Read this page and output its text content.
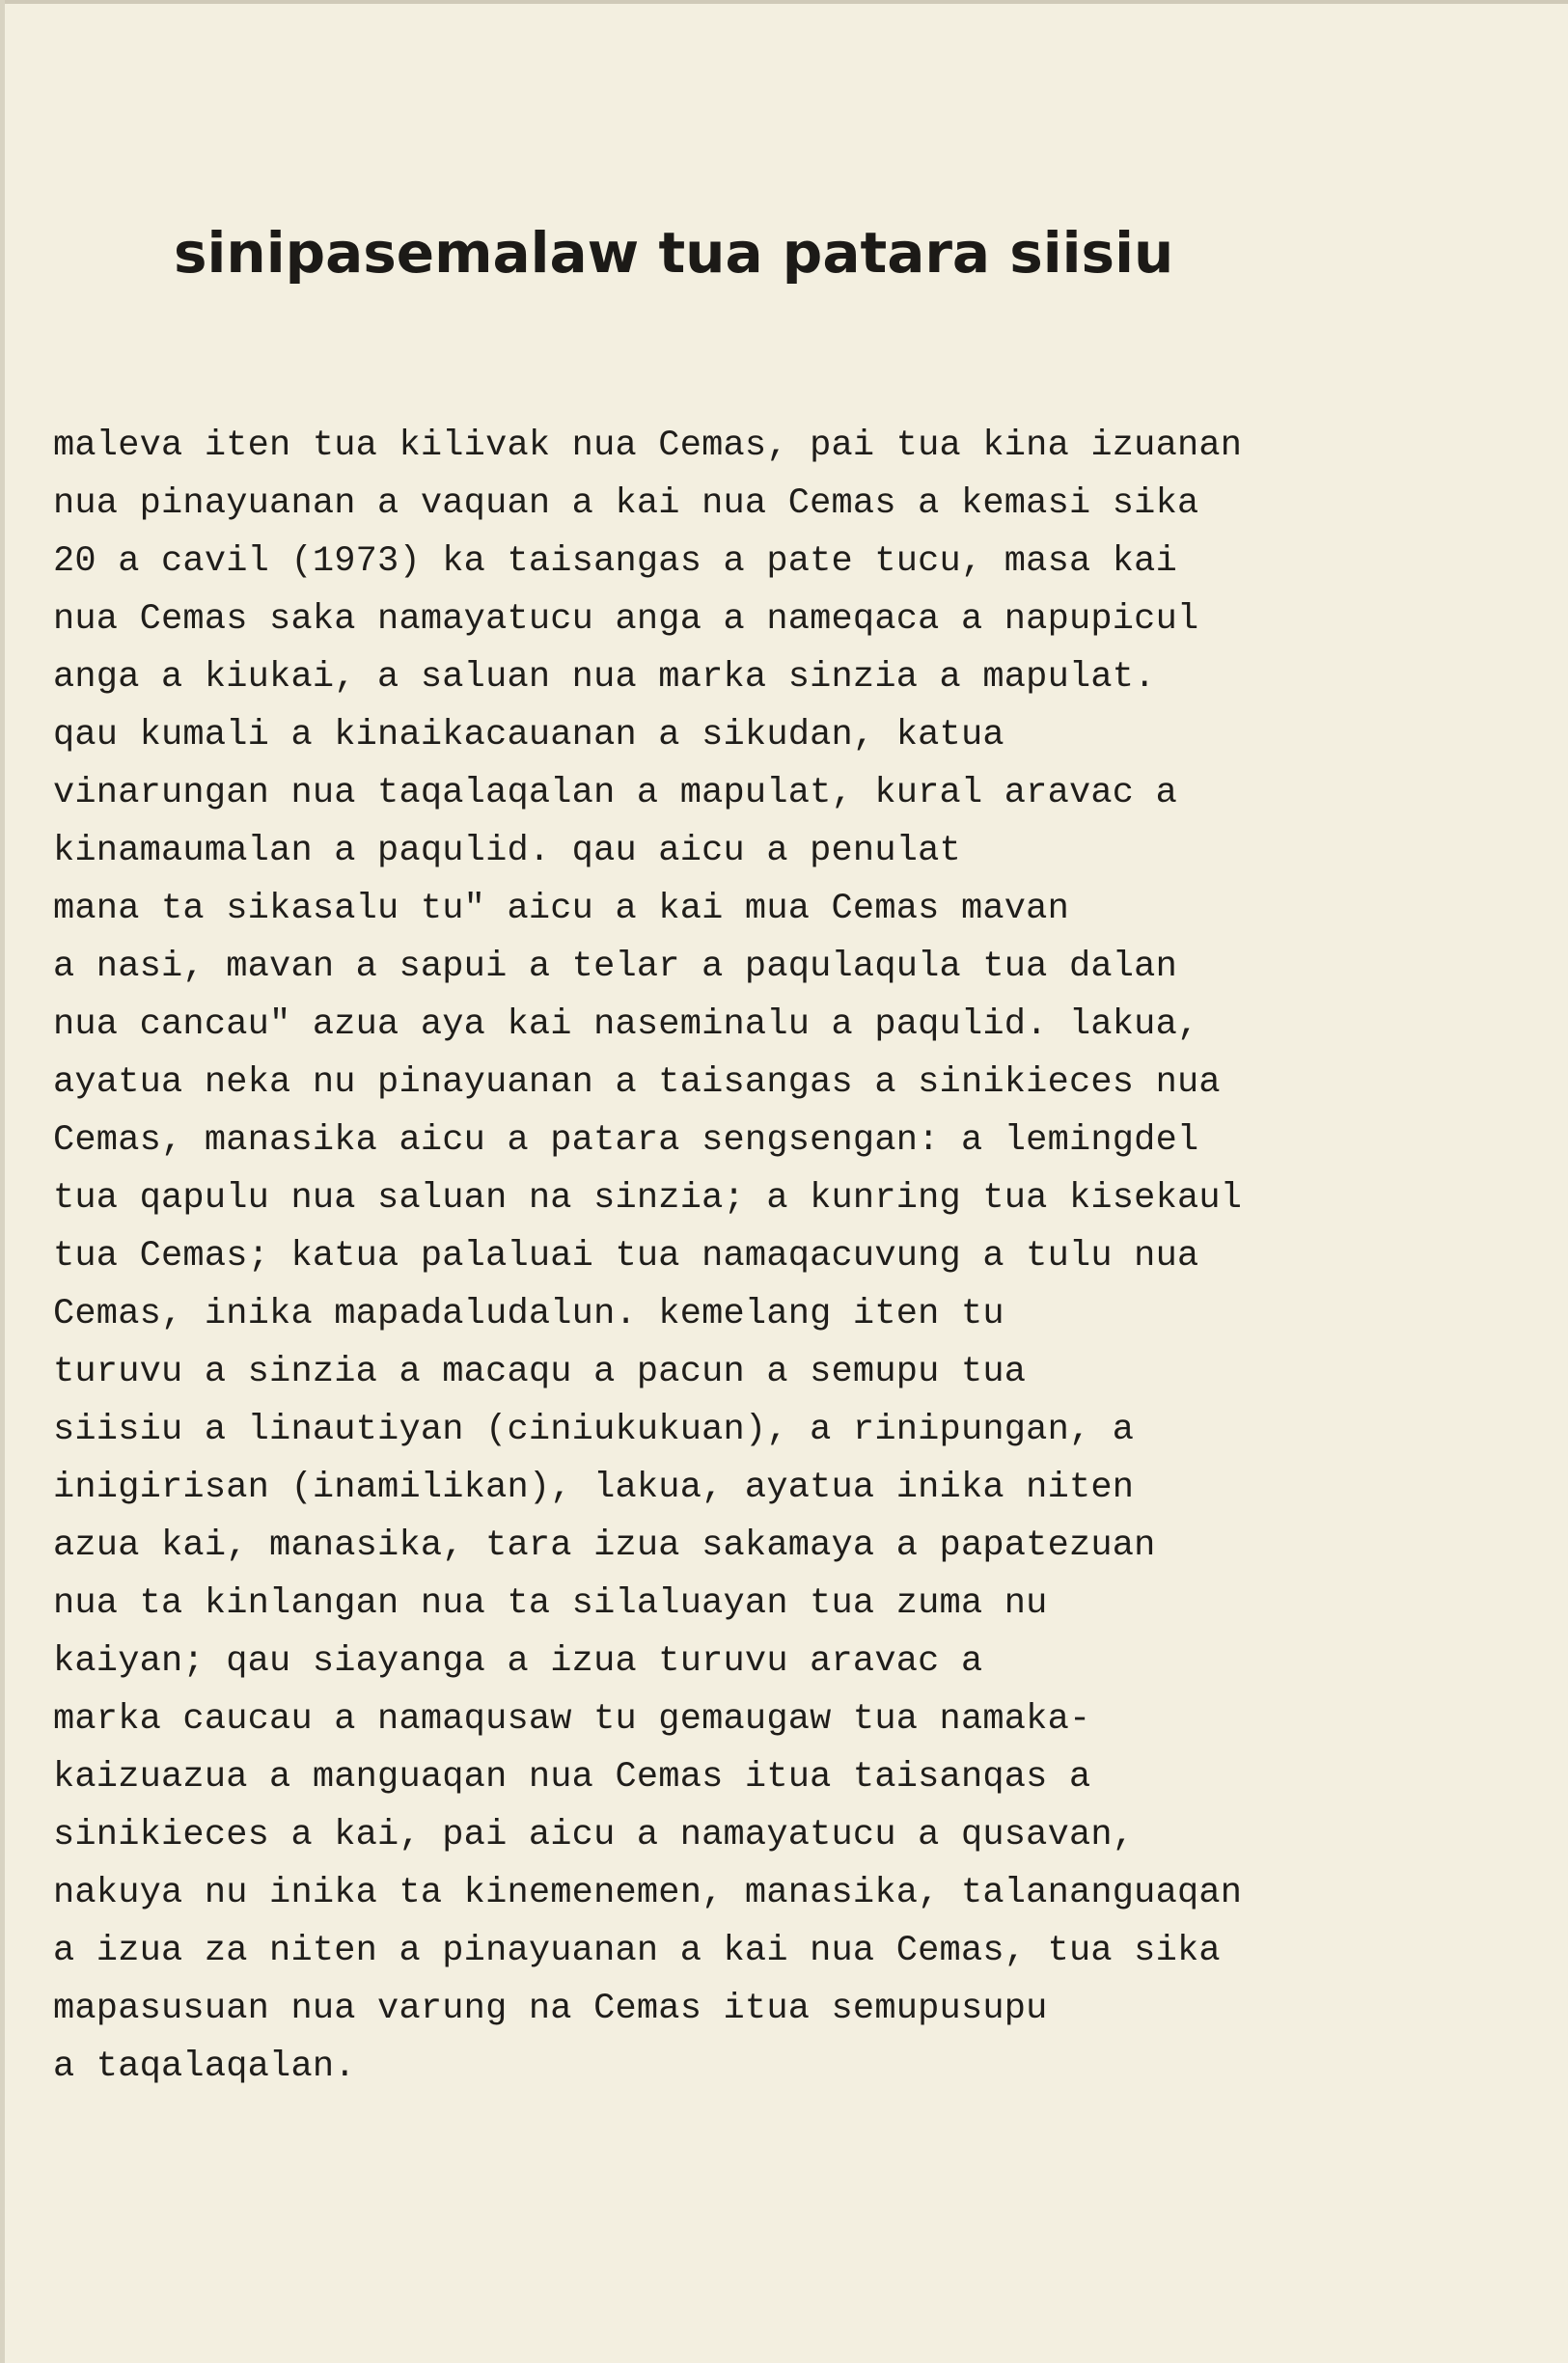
sinipasemalaw tua patara siisiu
maleva iten tua kilivak nua Cemas, pai tua kina izuanan
nua pinayuanan a vaquan a kai nua Cemas a kemasi sika
20 a cavil (1973) ka taisangas a pate tucu, masa kai
nua Cemas saka namayatucu anga a nameqaca a napupicul
anga a kiukai, a saluan nua marka sinzia a mapulat.
qau kumali a kinaikacauanan a sikudan, katua
vinarungan nua taqalaqalan a mapulat, kural aravac a
kinamaumalan a paqulid. qau aicu a penulat
mana ta sikasalu tu" aicu a kai mua Cemas mavan
a nasi, mavan a sapui a telar a paqulaqula tua dalan
nua cancau" azua aya kai naseminalu a paqulid. lakua,
ayatua neka nu pinayuanan a taisangas a sinikieces nua
Cemas, manasika aicu a patara sengsengan: a lemingdel
tua qapulu nua saluan na sinzia; a kunring tua kisekaul
tua Cemas; katua palaluai tua namaqacuvung a tulu nua
Cemas, inika mapadaludalun. kemelang iten tu
turuvu a sinzia a macaqu a pacun a semupu tua
siisiu a linautiyan (ciniukukuan), a rinipungan, a
inigirisan (inamilikan), lakua, ayatua inika niten
azua kai, manasika, tara izua sakamaya a papatezuan
nua ta kinlangan nua ta silaluayan tua zuma nu
kaiyan; qau siayanga a izua turuvu aravac a
marka caucau a namaqusaw tu gemaugaw tua namaka-
kaizuazua a manguaqan nua Cemas itua taisanqas a
sinikieces a kai, pai aicu a namayatucu a qusavan,
nakuya nu inika ta kinemenemen, manasika, talananguaqan
a izua za niten a pinayuanan a kai nua Cemas, tua sika
mapasusuan nua varung na Cemas itua semupusupu
a taqalaqalan.
